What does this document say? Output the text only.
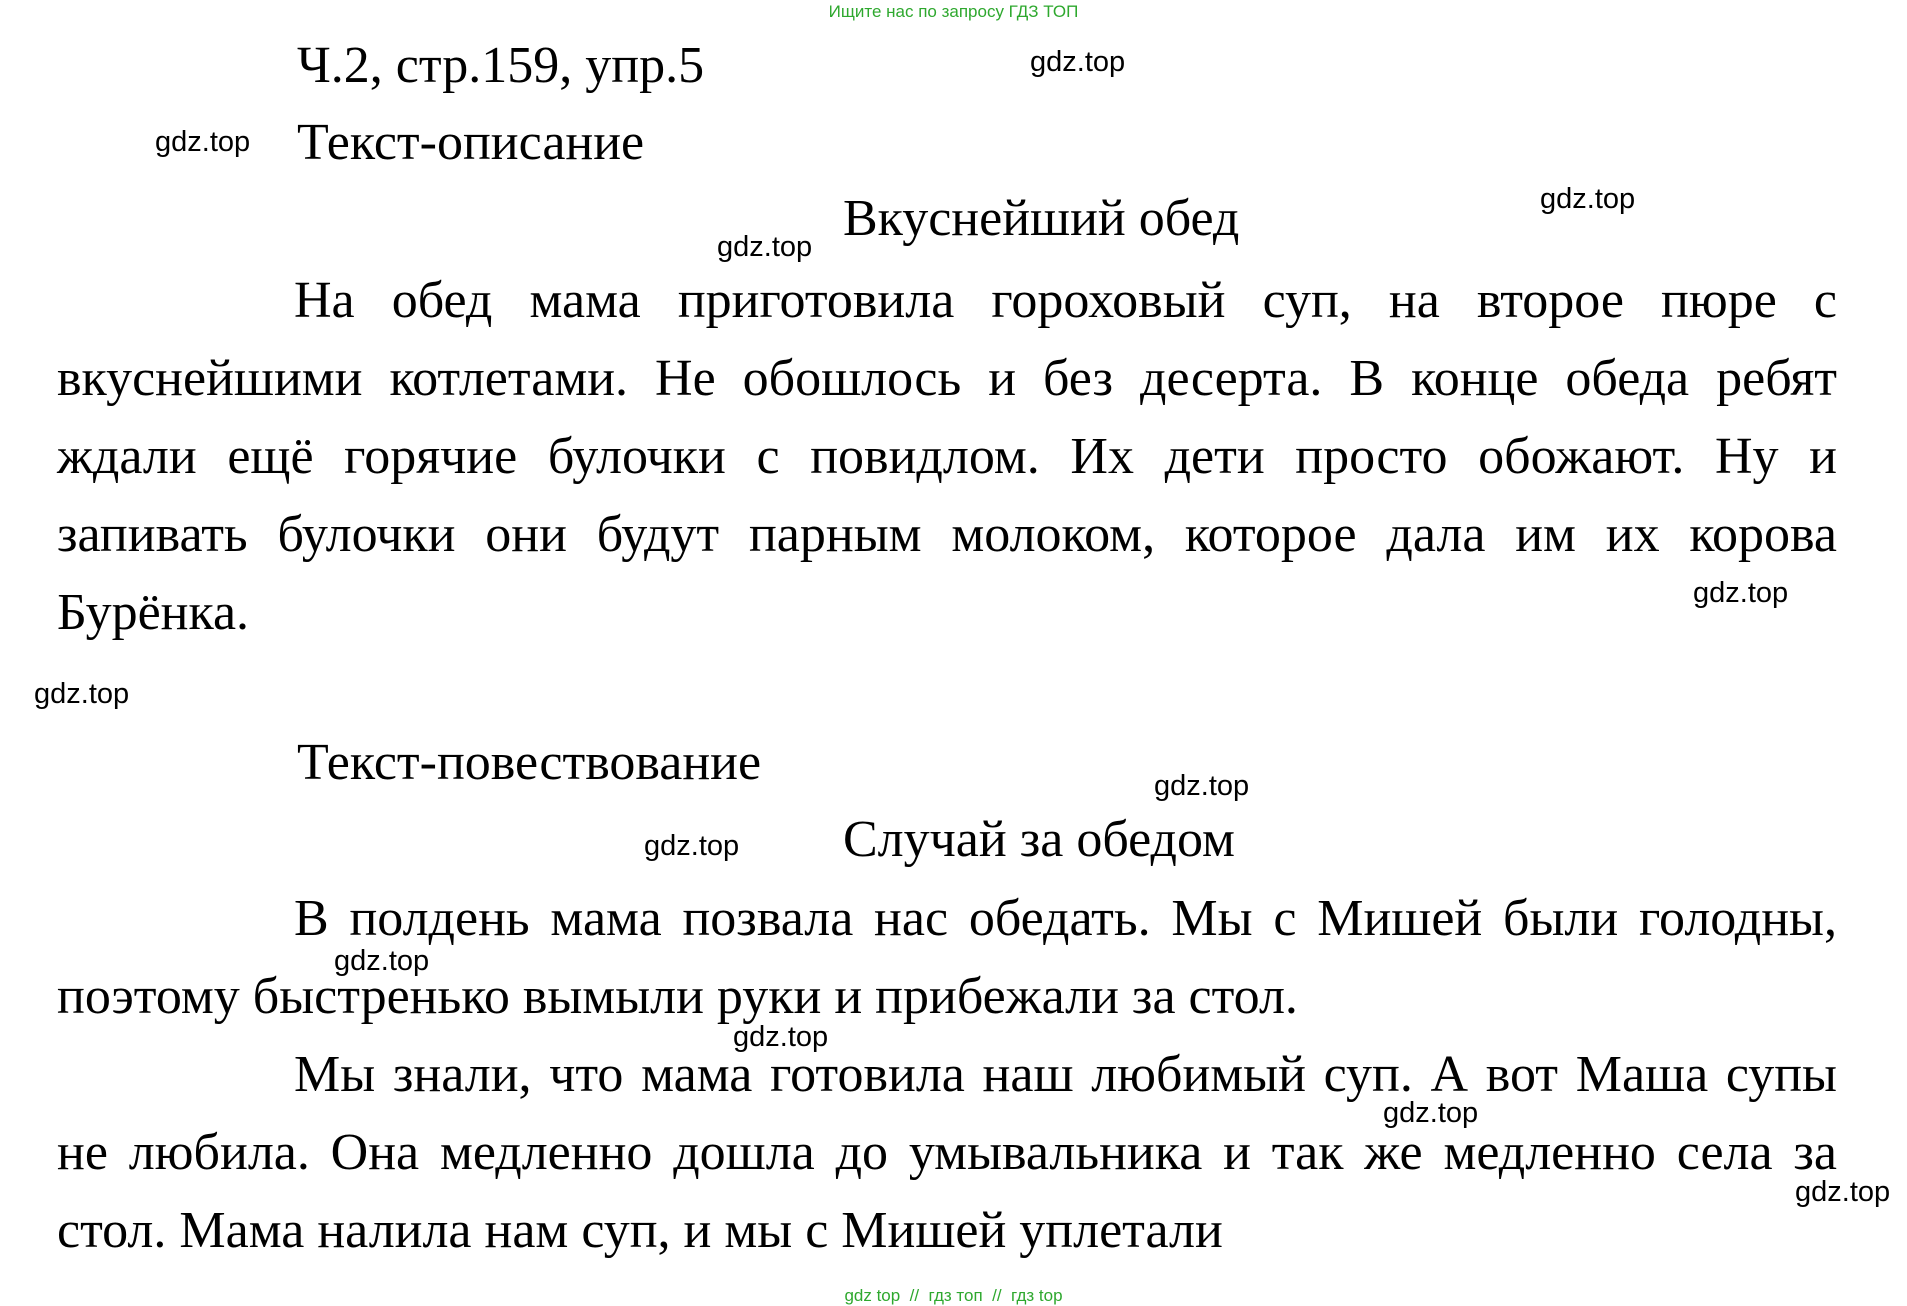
Ищите нас по запросу ГДЗ ТОП
Ч.2, стр.159, упр.5
Текст-описание
Вкуснейший обед

На обед мама приготовила гороховый суп, на второе пюре с вкуснейшими котлетами. Не обошлось и без десерта. В конце обеда ребят ждали ещё горячие булочки с повидлом. Их дети просто обожают. Ну и запивать булочки они будут парным молоком, которое дала им их корова Бурёнка.

Текст-повествование
Случай за обедом

В полдень мама позвала нас обедать. Мы с Мишей были голодны, поэтому быстренько вымыли руки и прибежали за стол.

Мы знали, что мама готовила наш любимый суп. А вот Маша супы не любила. Она медленно дошла до умывальника и так же медленно села за стол. Мама налила нам суп, и мы с Мишей уплетали

gdz.top
gdz.top
gdz.top
gdz.top
gdz.top
gdz.top
gdz.top
gdz.top
gdz.top
gdz.top
gdz.top
gdz.top
gdz top  //  гдз топ  //  гдз top
